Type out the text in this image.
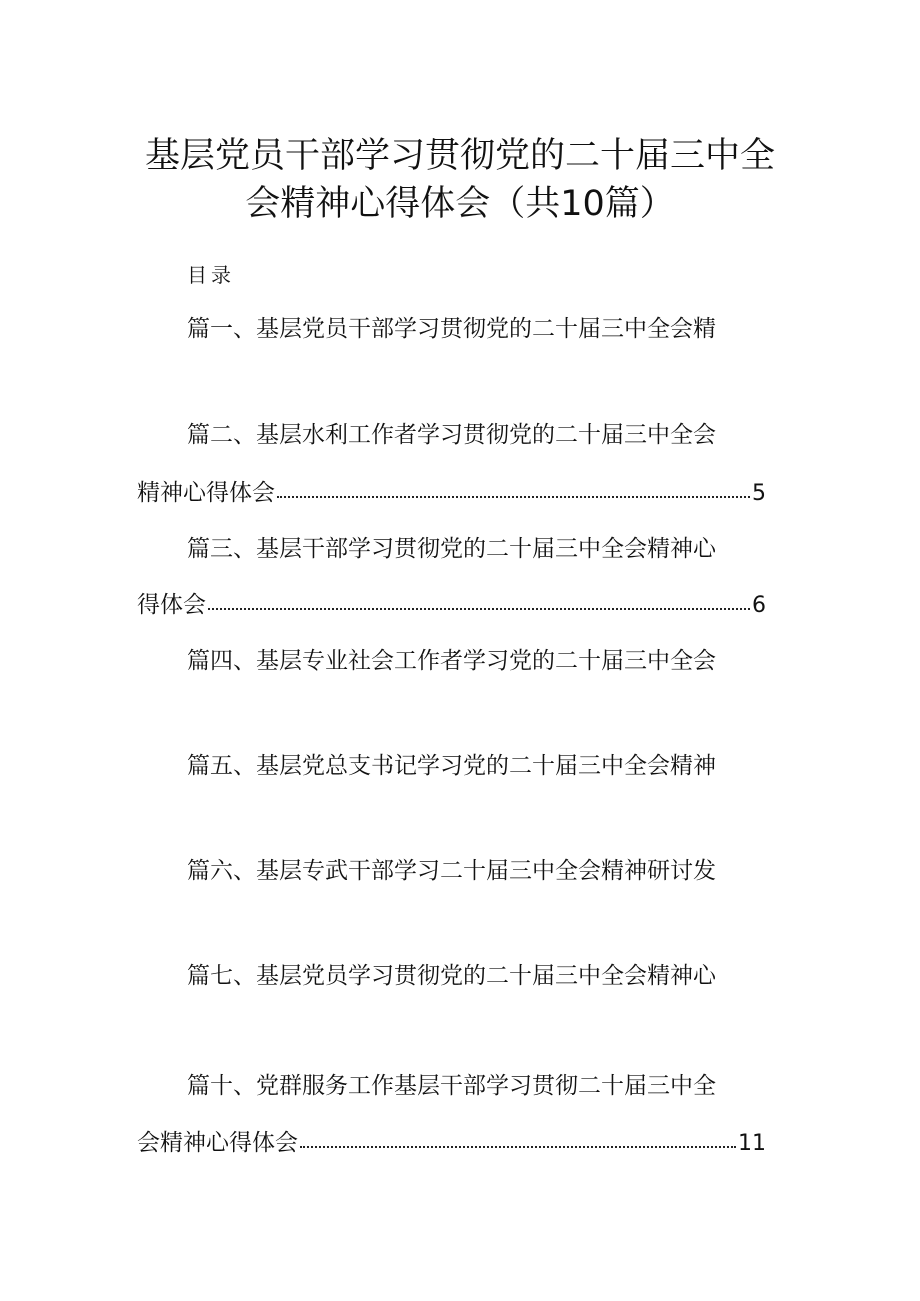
基层党员干部学习贯彻党的二十届三中全
会精神心得体会（共10篇）
目录
篇一、基层党员干部学习贯彻党的二十届三中全会精
篇二、基层水利工作者学习贯彻党的二十届三中全会
精神心得体会	5
篇三、基层干部学习贯彻党的二十届三中全会精神心
得体会	6
篇四、基层专业社会工作者学习党的二十届三中全会
篇五、基层党总支书记学习党的二十届三中全会精神
篇六、基层专武干部学习二十届三中全会精神研讨发
篇七、基层党员学习贯彻党的二十届三中全会精神心
篇十、党群服务工作基层干部学习贯彻二十届三中全
会精神心得体会	11
